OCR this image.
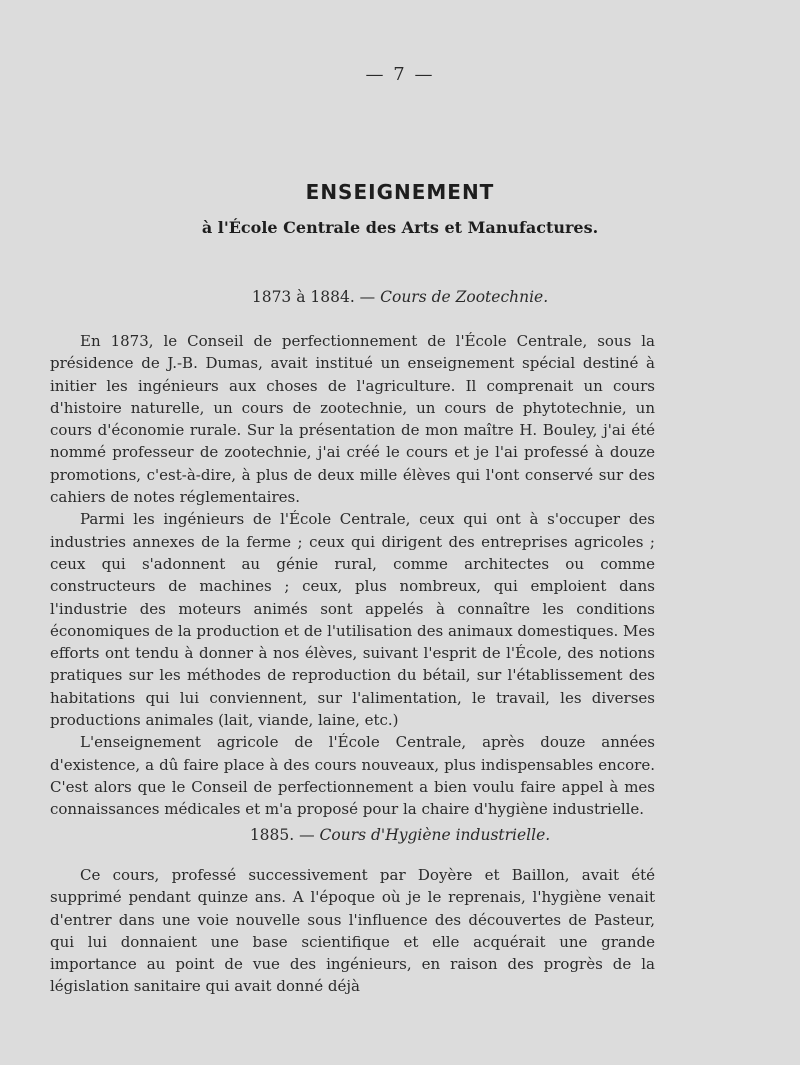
— 7 —
ENSEIGNEMENT
à l'École Centrale des Arts et Manufactures.
1873 à 1884. — Cours de Zootechnie.

En 1873, le Conseil de perfectionnement de l'École Centrale, sous la présidence de J.-B. Dumas, avait institué un enseignement spécial destiné à initier les ingénieurs aux choses de l'agriculture. Il comprenait un cours d'histoire naturelle, un cours de zootechnie, un cours de phytotechnie, un cours d'économie rurale. Sur la présentation de mon maître H. Bouley, j'ai été nommé professeur de zootechnie, j'ai créé le cours et je l'ai professé à douze promotions, c'est-à-dire, à plus de deux mille élèves qui l'ont conservé sur des cahiers de notes réglementaires.

Parmi les ingénieurs de l'École Centrale, ceux qui ont à s'occuper des industries annexes de la ferme ; ceux qui dirigent des entreprises agricoles ; ceux qui s'adonnent au génie rural, comme architectes ou comme constructeurs de machines ; ceux, plus nombreux, qui emploient dans l'industrie des moteurs animés sont appelés à connaître les conditions économiques de la production et de l'utilisation des animaux domestiques. Mes efforts ont tendu à donner à nos élèves, suivant l'esprit de l'École, des notions pratiques sur les méthodes de reproduction du bétail, sur l'établissement des habitations qui lui conviennent, sur l'alimentation, le travail, les diverses productions animales (lait, viande, laine, etc.)

L'enseignement agricole de l'École Centrale, après douze années d'existence, a dû faire place à des cours nouveaux, plus indispensables encore. C'est alors que le Conseil de perfectionnement a bien voulu faire appel à mes connaissances médicales et m'a proposé pour la chaire d'hygiène industrielle.

1885. — Cours d'Hygiène industrielle.

Ce cours, professé successivement par Doyère et Baillon, avait été supprimé pendant quinze ans. A l'époque où je le reprenais, l'hygiène venait d'entrer dans une voie nouvelle sous l'influence des découvertes de Pasteur, qui lui donnaient une base scientifique et elle acquérait une grande importance au point de vue des ingénieurs, en raison des progrès de la législation sanitaire qui avait donné déjà
